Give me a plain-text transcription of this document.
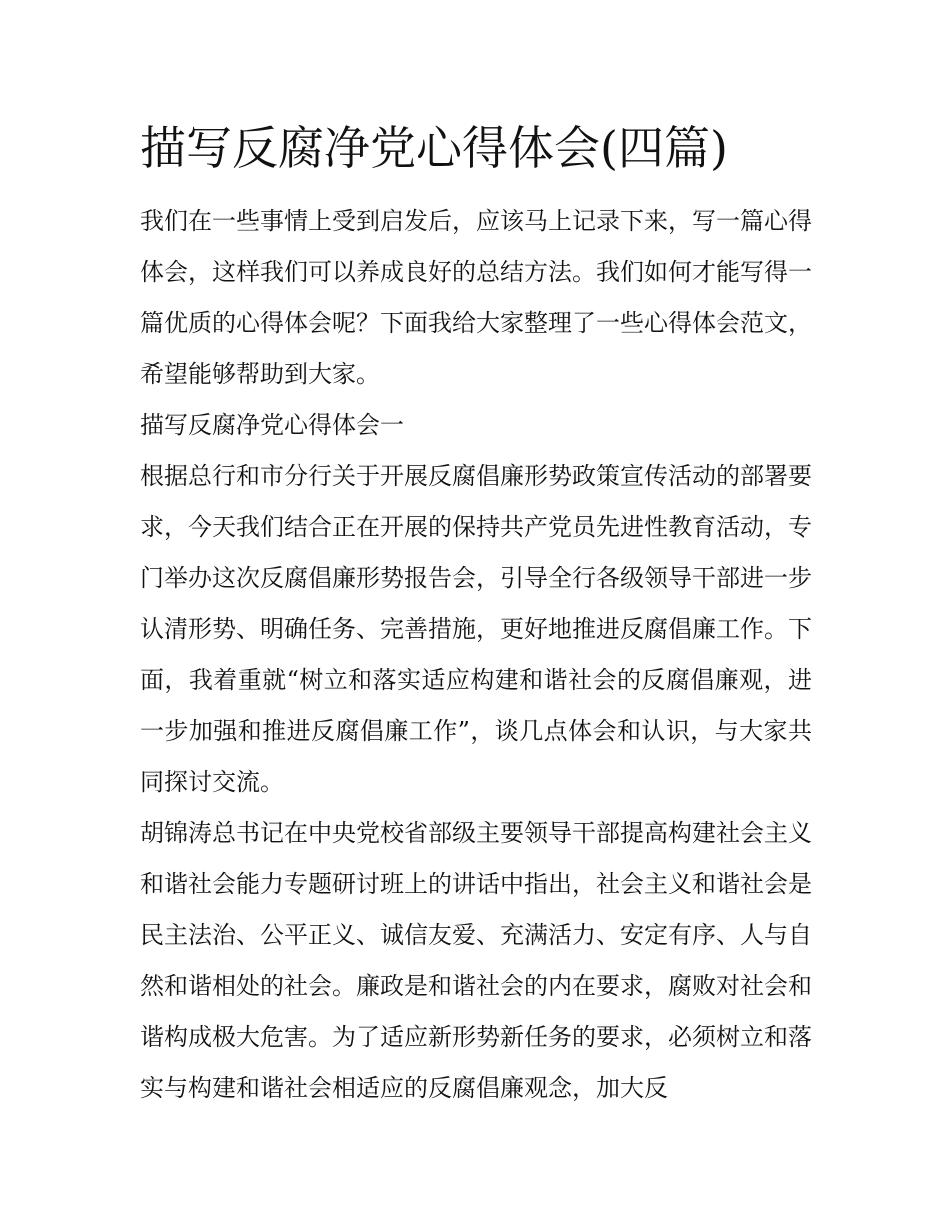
描写反腐净党心得体会(四篇)

我们在一些事情上受到启发后，应该马上记录下来，写一篇心得体会，这样我们可以养成良好的总结方法。我们如何才能写得一篇优质的心得体会呢？下面我给大家整理了一些心得体会范文，希望能够帮助到大家。

描写反腐净党心得体会一

根据总行和市分行关于开展反腐倡廉形势政策宣传活动的部署要求，今天我们结合正在开展的保持共产党员先进性教育活动，专门举办这次反腐倡廉形势报告会，引导全行各级领导干部进一步认清形势、明确任务、完善措施，更好地推进反腐倡廉工作。下面，我着重就“树立和落实适应构建和谐社会的反腐倡廉观，进一步加强和推进反腐倡廉工作”，谈几点体会和认识，与大家共同探讨交流。

胡锦涛总书记在中央党校省部级主要领导干部提高构建社会主义和谐社会能力专题研讨班上的讲话中指出，社会主义和谐社会是民主法治、公平正义、诚信友爱、充满活力、安定有序、人与自然和谐相处的社会。廉政是和谐社会的内在要求，腐败对社会和谐构成极大危害。为了适应新形势新任务的要求，必须树立和落实与构建和谐社会相适应的反腐倡廉观念，加大反
